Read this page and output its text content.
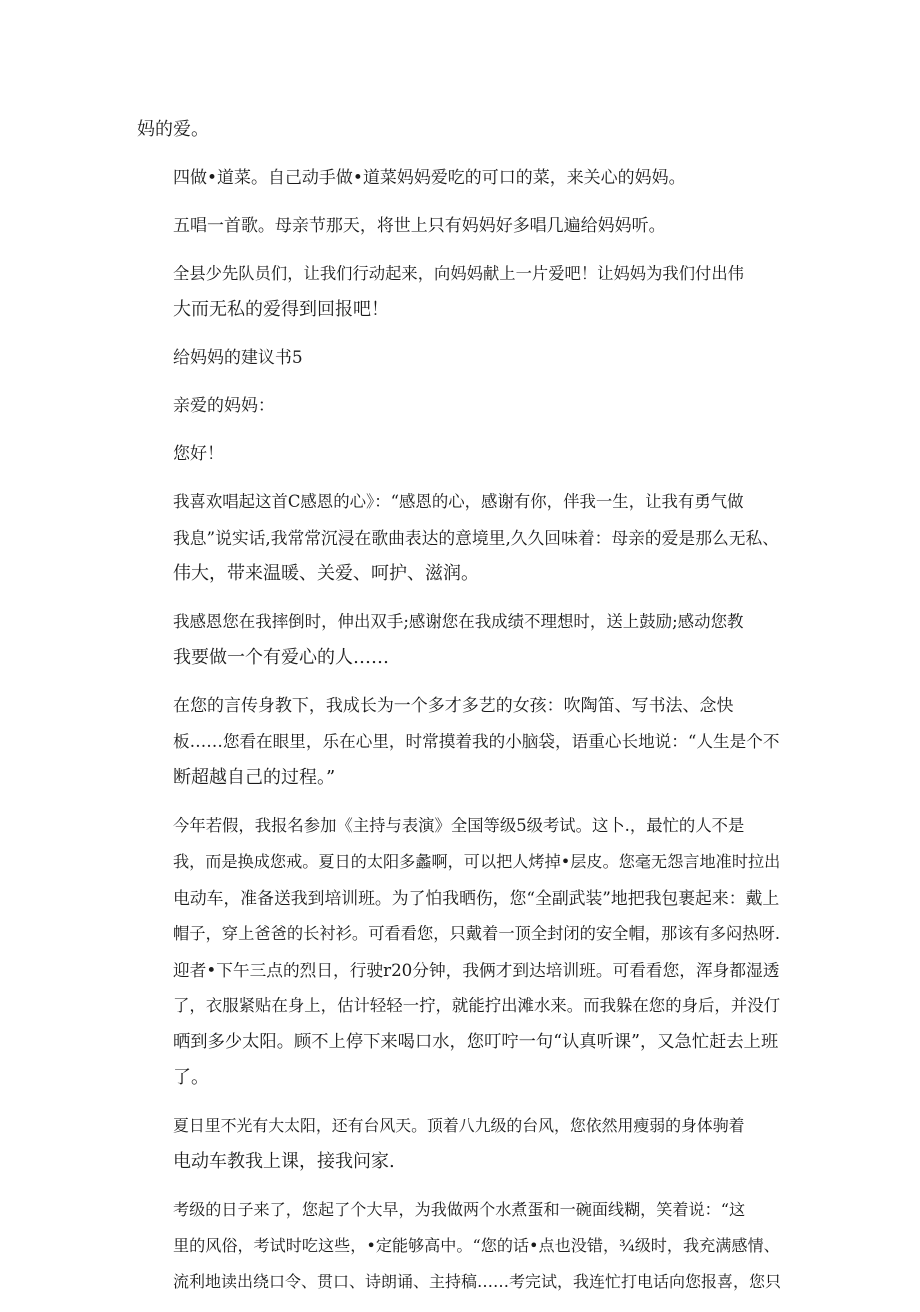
妈的爱。

四做•道菜。自己动手做•道菜妈妈爱吃的可口的菜，来关心的妈妈。

五唱一首歌。母亲节那天，将世上只有妈妈好多唱几遍给妈妈听。

全县少先队员们，让我们行动起来，向妈妈献上一片爱吧！让妈妈为我们付出伟
大而无私的爱得到回报吧！

给妈妈的建议书5

亲爱的妈妈：

您好！

我喜欢唱起这首C感恩的心》：“感恩的心，感谢有你，伴我一生，让我有勇气做
我息”说实话,我常常沉浸在歌曲表达的意境里,久久回味着：母亲的爱是那么无私、
伟大，带来温暖、关爱、呵护、滋润。

我感恩您在我摔倒时，伸出双手;感谢您在我成绩不理想时，送上鼓励;感动您教
我要做一个有爱心的人……

在您的言传身教下，我成长为一个多才多艺的女孩：吹陶笛、写书法、念快
板……您看在眼里，乐在心里，时常摸着我的小脑袋，语重心长地说：“人生是个不
断超越自己的过程。”

今年若假，我报名参加《主持与表演》全国等级5级考试。这卜.，最忙的人不是
我，而是换成您戒。夏日的太阳多蠡啊，可以把人烤掉•层皮。您毫无怨言地准时拉出
电动车，准备送我到培训班。为了怕我晒伤，您“全副武装”地把我包裹起来：戴上
帽子，穿上爸爸的长衬衫。可看看您，只戴着一顶全封闭的安全帽，那该有多闷热呀.
迎者•下午三点的烈日，行驶r20分钟，我俩才到达培训班。可看看您，浑身都湿透
了，衣服紧贴在身上，估计轻轻一拧，就能拧出滩水来。而我躲在您的身后，并没仃
晒到多少太阳。顾不上停下来喝口水，您叮咛一句“认真听课”，又急忙赶去上班
了。

夏日里不光有大太阳，还有台风天。顶着八九级的台风，您依然用瘦弱的身体驹着
电动车教我上课，接我问家.

考级的日子来了，您起了个大早，为我做两个水煮蛋和一碗面线糊，笑着说：“这
里的风俗，考试时吃这些，•定能够高中。“您的话•点也没错，¾级时，我充满感情、
流利地读出绕口令、贯口、诗朗诵、主持稿……考完试，我连忙打电话向您报喜，您只
